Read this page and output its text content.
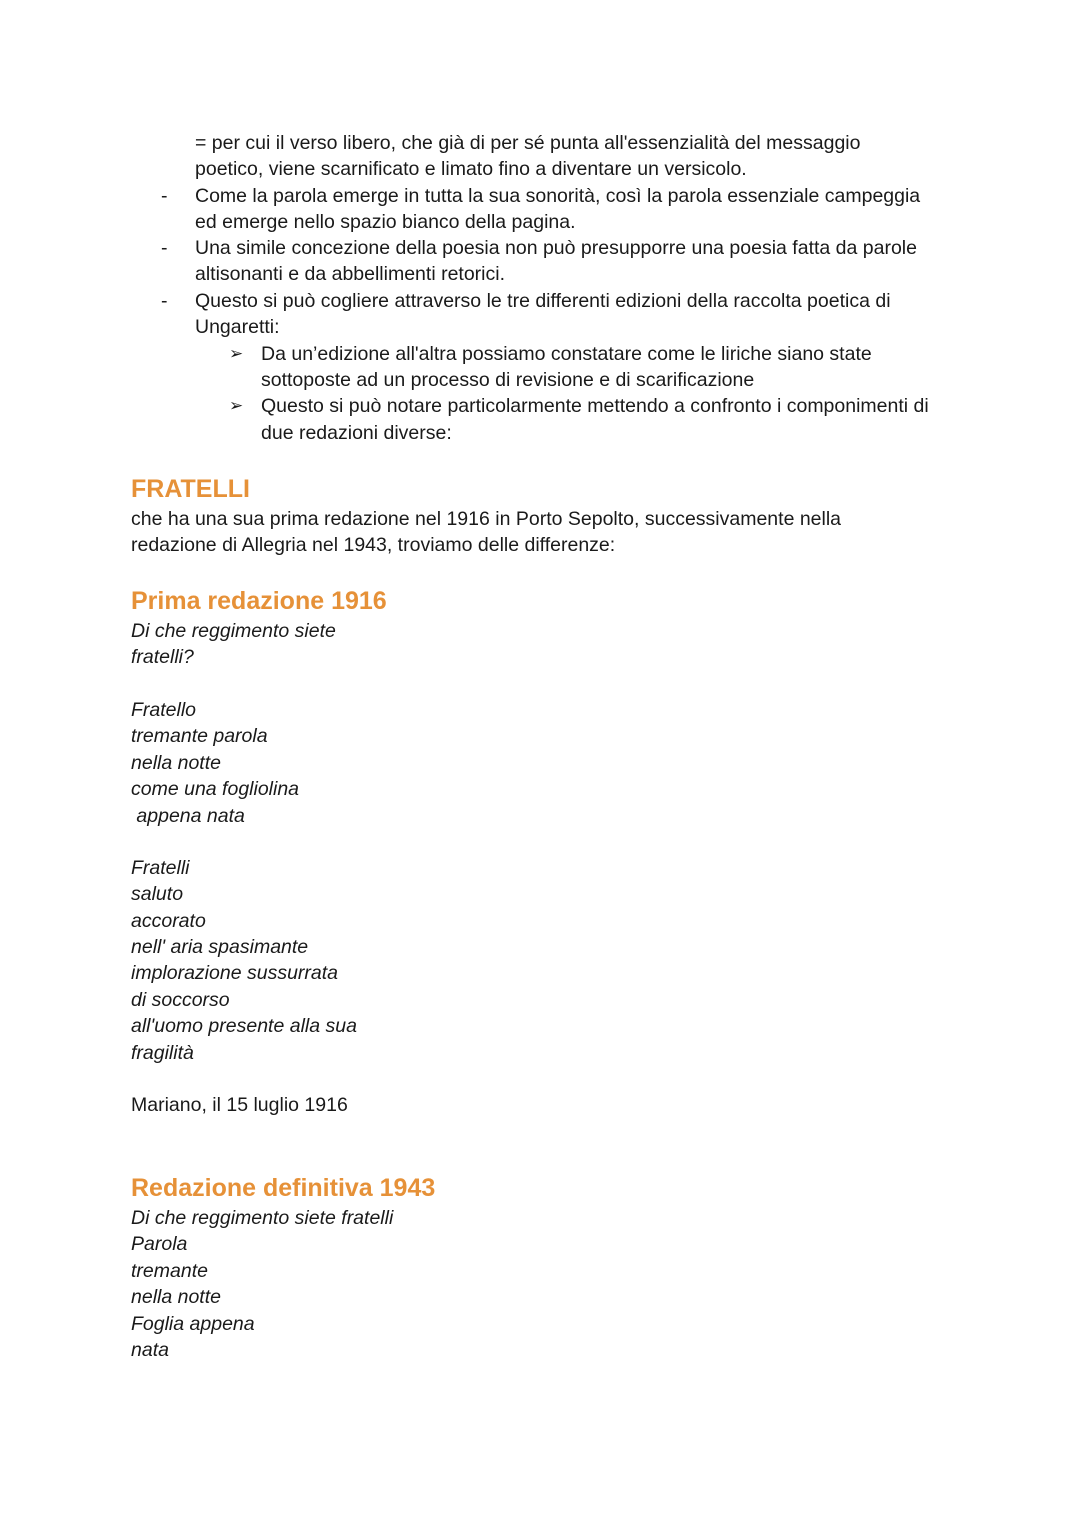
= per cui il verso libero, che già di per sé punta all'essenzialità del messaggio
poetico, viene scarnificato e limato fino a diventare un versicolo.
- Come la parola emerge in tutta la sua sonorità, così la parola essenziale campeggia
ed emerge nello spazio bianco della pagina.
- Una simile concezione della poesia non può presupporre una poesia fatta da parole
altisonanti e da abbellimenti retorici.
- Questo si può cogliere attraverso le tre differenti edizioni della raccolta poetica di
Ungaretti:
➢ Da un’edizione all'altra possiamo constatare come le liriche siano state
sottoposte ad un processo di revisione e di scarificazione
➢ Questo si può notare particolarmente mettendo a confronto i componimenti di
due redazioni diverse:
FRATELLI
che ha una sua prima redazione nel 1916 in Porto Sepolto, successivamente nella
redazione di Allegria nel 1943, troviamo delle differenze:
Prima redazione 1916
Di che reggimento siete
fratelli?
Fratello
tremante parola
nella notte
come una fogliolina
appena nata
Fratelli
saluto
accorato
nell' aria spasimante
implorazione sussurrata
di soccorso
all'uomo presente alla sua
fragilità
Mariano, il 15 luglio 1916
Redazione definitiva 1943
Di che reggimento siete fratelli
Parola
tremante
nella notte
Foglia appena
nata
